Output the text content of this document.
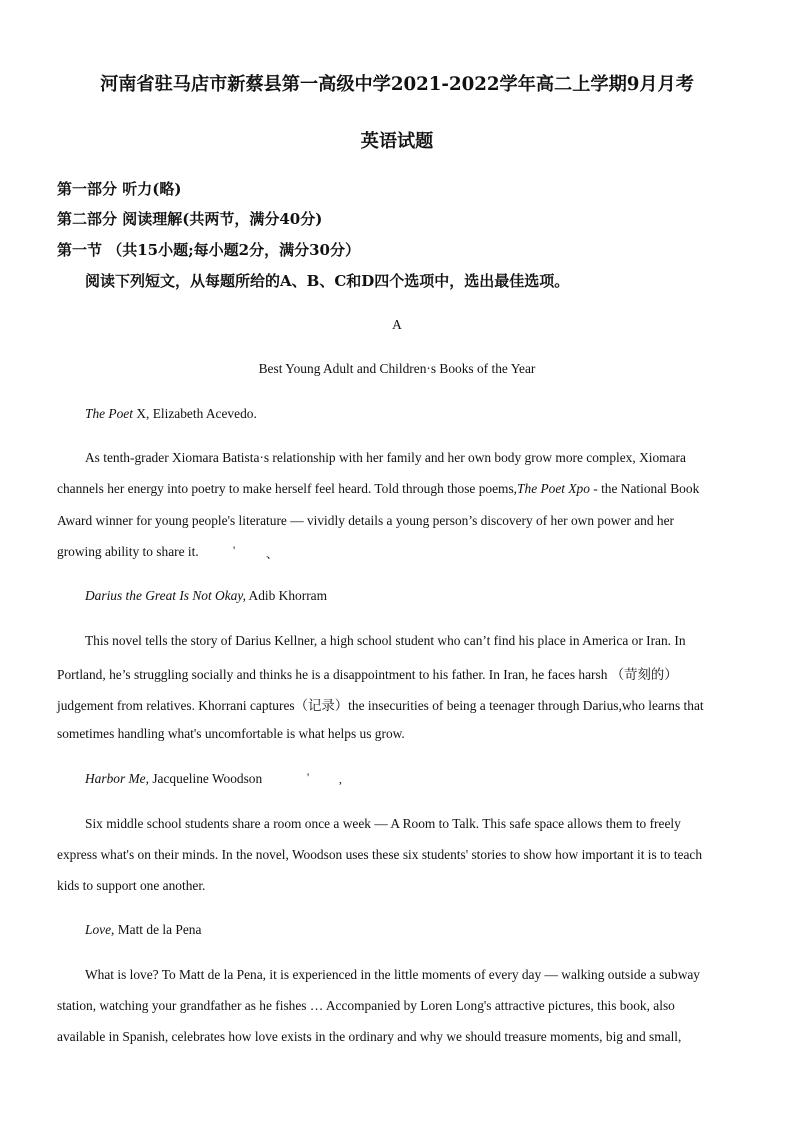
河南省驻马店市新蔡县第一高级中学2021-2022学年高二上学期9月月考
英语试题
第一部分 听力(略)
第二部分 阅读理解(共两节，满分40分)
第一节 （共15小题;每小题2分，满分30分）
阅读下列短文，从每题所给的A、B、C和D四个选项中，选出最佳选项。
A
Best Young Adult and Children·s Books of the Year
The Poet X, Elizabeth Acevedo.
As tenth-grader Xiomara Batista·s relationship with her family and her own body grow more complex, Xiomara
channels her energy into poetry to make herself feel heard. Told through those poems,The Poet Xpo - the National Book
Award winner for young people's literature — vividly details a young person’s discovery of her own power and her
growing ability to share it.	'	、
Darius the Great Is Not Okay, Adib Khorram
This novel tells the story of Darius Kellner, a high school student who can’t find his place in America or Iran. In
Portland, he’s struggling socially and thinks he is a disappointment to his father. In Iran, he faces harsh （苛刻的）
judgement from relatives. Khorrani captures（记录）the insecurities of being a teenager through Darius,who learns that
sometimes handling what's uncomfortable is what helps us grow.
Harbor Me, Jacqueline Woodson	' ,
Six middle school students share a room once a week — A Room to Talk. This safe space allows them to freely
express what's on their minds. In the novel, Woodson uses these six students' stories to show how important it is to teach
kids to support one another.
Love, Matt de la Pena
What is love? To Matt de la Pena, it is experienced in the little moments of every day — walking outside a subway
station, watching your grandfather as he fishes … Accompanied by Loren Long's attractive pictures, this book, also
available in Spanish, celebrates how love exists in the ordinary and why we should treasure moments, big and small,
